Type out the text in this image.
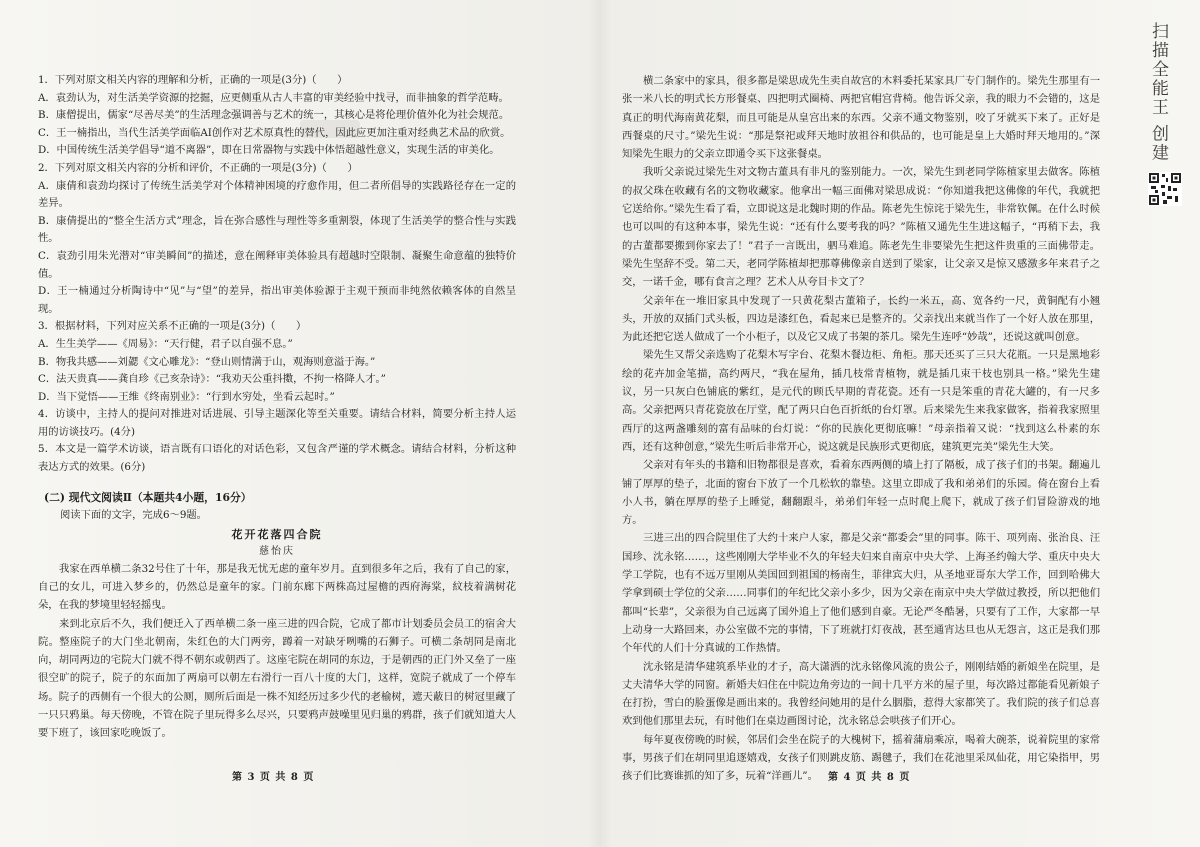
1．下列对原文相关内容的理解和分析，正确的一项是(3分)（　　）

A．袁劲认为，对生活美学资源的挖掘，应更侧重从古人丰富的审美经验中找寻，而非抽象的哲学范畴。

B．康僧提出，儒家“尽善尽美”的生活理念强调善与艺术的统一，其核心是将伦理价值外化为社会规范。

C．王一楠指出，当代生活美学面临AI创作对艺术原真性的替代，因此应更加注重对经典艺术品的欣赏。

D．中国传统生活美学倡导“道不离器”，即在日常器物与实践中体悟超越性意义，实现生活的审美化。

2．下列对原文相关内容的分析和评价，不正确的一项是(3分)（　　）

A．康倩和袁劲均探讨了传统生活美学对个体精神困境的疗愈作用，但二者所倡导的实践路径存在一定的差异。

B．康倩提出的“整全生活方式”理念，旨在弥合感性与理性等多重割裂，体现了生活美学的整合性与实践性。

C．袁劲引用朱光潜对“审美瞬间”的描述，意在阐释审美体验具有超越时空限制、凝聚生命意蕴的独特价值。

D．王一楠通过分析陶诗中“见”与“望”的差异，指出审美体验源于主观干预而非纯然依赖客体的自然呈现。

3．根据材料，下列对应关系不正确的一项是(3分)（　　）

A．生生美学——《周易》：“天行健，君子以自强不息。”

B．物我共感——刘勰《文心雕龙》：“登山则情满于山，观海则意溢于海。”

C．法天贵真——龚自珍《己亥杂诗》：“我劝天公重抖擞，不拘一格降人才。”

D．当下觉悟——王维《终南别业》：“行到水穷处，坐看云起时。”

4．访谈中，主持人的提问对推进对话进展、引导主题深化等至关重要。请结合材料，简要分析主持人运用的访谈技巧。(4分)

5．本文是一篇学术访谈，语言既有口语化的对话色彩，又包含严谨的学术概念。请结合材料，分析这种表达方式的效果。(6分)

(二) 现代文阅读Ⅱ（本题共4小题，16分）

阅读下面的文字，完成6～9题。

花开花落四合院

慈怡庆

我家在西单横二条32号住了十年，那是我无忧无虑的童年岁月。直到很多年之后，我有了自己的家，自己的女儿，可进入梦乡的，仍然总是童年的家。门前东廊下两株高过屋檐的西府海棠，紋枝着满树花朵，在我的梦境里轻轻摇曳。

来到北京后不久，我们便迁入了西单横二条一座三进的四合院，它成了都市计划委员会员工的宿舍大院。整座院子的大门坐北朝南，朱红色的大门两旁，蹲着一对缺牙咧嘴的石狮子。可横二条胡同是南北向，胡同两边的宅院大门就不得不朝东或朝西了。这座宅院在胡同的东边，于是朝西的正门外又垒了一座很空旷的院子，院子的东面加了两扇可以朝左右滑行一百八十度的大门，这样，宽院子就成了一个停车场。院子的西侧有一个很大的公厕，厕所后面是一株不知经历过多少代的老榆树，遮天蔽日的树冠里藏了一只只鸦巢。每天傍晚，不管在院子里玩得多么尽兴，只要鸦声鼓噪里见归巢的鸦群，孩子们就知道大人要下班了，该回家吃晚饭了。

第 3 页 共 8 页

横二条家中的家具，很多都是梁思成先生卖自故宫的木料委托某家具厂专门制作的。梁先生那里有一张一米八长的明式长方形餐桌、四把明式圈椅、两把官帽宫背椅。他告诉父亲，我的眼力不会错的，这是真正的明代海南黄花梨，而且可能是从皇宫出来的东西。父亲不通文物鉴别，咬了牙就买下来了。正好是西餐桌的尺寸。”梁先生说：“那是祭祀或拜天地时放祖谷和供品的，也可能是皇上大婚时拜天地用的。”深知梁先生眼力的父亲立即通令买下这张餐桌。

我听父亲说过梁先生对文物古董具有非凡的鉴别能力。一次，梁先生到老同学陈植家里去做客。陈植的叔父珠在收藏有名的文物收藏家。他拿出一幅三面佛对梁思成说：“你知道我把这佛像的年代，我就把它送给你。”梁先生看了看，立即说这是北魏时期的作品。陈老先生惊诧于梁先生，非常钦佩。在什么时候也可以叫的有这种本事，梁先生说：“还有什么要考我的吗？”陈植又通先生生进这幅子，“再稍下去，我的古董都要搬到你家去了！”君子一言既出，驷马难追。陈老先生非要梁先生把这件贵重的三面佛带走。梁先生坚辞不受。第二天，老同学陈植却把那尊佛像亲自送到了梁家，让父亲又是惊又感激多年来君子之交，一诺千金，哪有食言之理？艺术人从夸目卡文了？

父亲年在一堆旧家具中发现了一只黄花梨古董箱子，长约一米五，高、宽各约一尺，黄铜配有小翘头，开放的双插门式头板，四边是漆红色，看起来已是整齐的。父亲找出来就当作了一个好人放在那里，为此还把它送人做成了一个小柜子，以及它又成了书架的茶几。梁先生连呼“妙哉”，还说这就叫创意。

梁先生又帮父亲选购了花梨木写字台、花梨木餐边柜、角柜。那天还买了三只大花瓶。一只是黑地彩绘的花卉加金笔描，高约两尺，“我在屋角，插几枝常青植物，就是插几束干枝也别具一格。”梁先生建议，另一只灰白色铺底的紫红，是元代的顾氏早期的青花瓷。还有一只是笨重的青花大罐的，有一尺多高。父亲把两只青花瓷放在厅堂，配了两只白色百折纸的台灯罩。后来梁先生来我家做客，指着我家照里西厅的这两盏雕刻的富有品味的台灯说：“你的民族化更彻底嘛！”母亲指着又说：“找到这么朴素的东西，还有这种创意，”梁先生听后非常开心，说这就是民族形式更彻底，建筑更完美”梁先生大笑。

父亲对有年头的书籍和旧物都很是喜欢，看着东西两侧的墙上打了隔板，成了孩子们的书架。翻遍儿铺了厚厚的垫子，北面的窗台下放了一个几松软的靠垫。这里立即成了我和弟弟们的乐园。倚在窗台上看小人书，躺在厚厚的垫子上睡觉，翻翻跟斗，弟弟们年轻一点时爬上爬下，就成了孩子们冒险游戏的地方。

三进三出的四合院里住了大约十来户人家，都是父亲“都委会”里的同事。陈干、项列南、张治良、汪国珍、沈永铭……，这些刚刚大学毕业不久的年轻夫妇来自南京中央大学、上海圣约翰大学、重庆中央大学工学院，也有不远万里刚从美国回到祖国的杨南生，菲律宾大归，从圣地亚哥东大学工作，回到哈佛大学拿到硕士学位的父亲……同事们的年纪比父亲小多少，因为父亲在南京中央大学做过教授，所以把他们都叫“长辈”，父亲很为自己远离了国外追上了他们感到自豪。无论严冬酷暑，只要有了工作，大家都一早上动身一大路回来，办公室做不完的事情，下了班就打灯夜战，甚至通宵达旦也从无怨言，这正是我们那个年代的人们十分真诚的工作热情。

沈永铭是清华建筑系毕业的才子，高大潇洒的沈永铭像风流的贵公子，刚刚结婚的新娘坐在院里，是丈夫清华大学的同窗。新婚夫妇住在中院边角旁边的一间十几平方米的屋子里，每次路过都能看见新娘子在打扮，雪白的脸蛋像是画出来的。我曾经问她用的是什么胭脂，惹得大家都笑了。我们院的孩子们总喜欢到他们那里去玩，有时他们在桌边画图讨论，沈永铭总会哄孩子们开心。

每年夏夜傍晚的时候，邻居们会坐在院子的大槐树下，摇着蒲扇乘凉，喝着大碗茶，说着院里的家常事，男孩子们在胡同里追逐嬉戏，女孩子们则跳皮筋、踢毽子，我们在花池里采凤仙花，用它染指甲，男孩子们比赛谁抓的知了多，玩着“洋画儿”。	第 4 页 共 8 页
扫描全能王 创建
